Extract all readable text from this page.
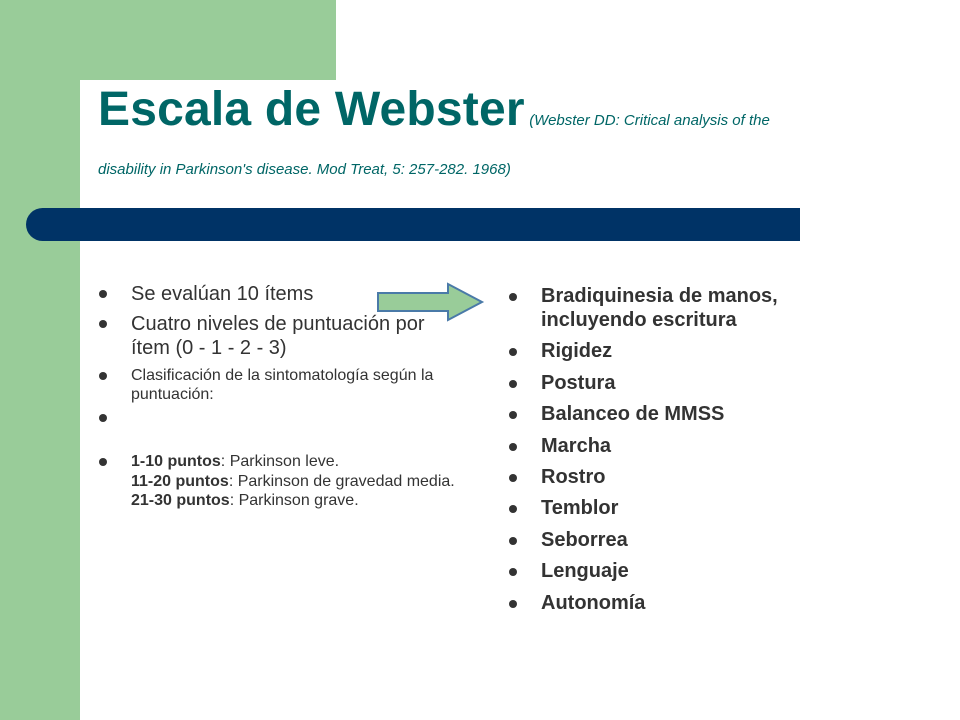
Escala de Webster (Webster DD: Critical analysis of the
disability in Parkinson's disease. Mod Treat, 5: 257-282. 1968)
Se evalúan 10 ítems
Cuatro niveles de puntuación por ítem (0 - 1 - 2 - 3)
Clasificación de la sintomatología según la puntuación:
1-10 puntos: Parkinson leve.
11-20 puntos: Parkinson de gravedad media.
21-30 puntos: Parkinson grave.
Bradiquinesia de manos, incluyendo escritura
Rigidez
Postura
Balanceo de MMSS
Marcha
Rostro
Temblor
Seborrea
Lenguaje
Autonomía
